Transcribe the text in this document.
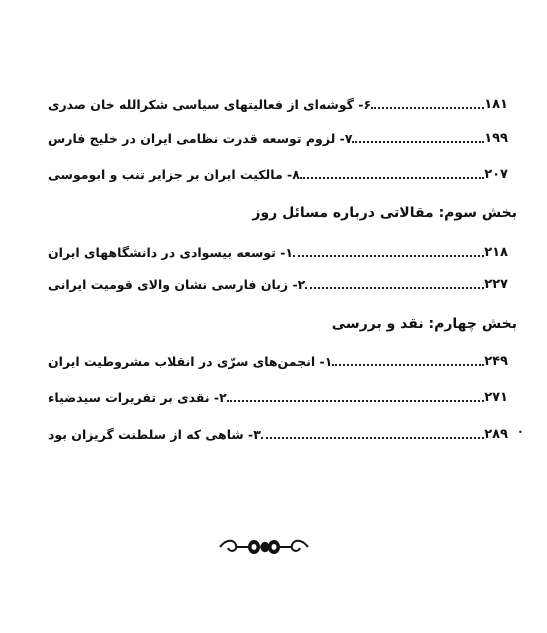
۶- گوشه‌ای از فعالیتهای سیاسی شکرالله خان صدری	۱۸۱
۷- لزوم توسعه قدرت نظامی ایران در خلیج فارس	۱۹۹
۸- مالکیت ایران بر جزایر تنب و ابوموسی	۲۰۷
بخش سوم: مقالاتی درباره مسائل روز
۱- توسعه بیسوادی در دانشگاههای ایران	۲۱۸
۲- زبان فارسی نشان والای قومیت ایرانی	۲۲۷
بخش چهارم: نقد و بررسی
۱- انجمن‌های سرّی در انقلاب مشروطیت ایران	۲۴۹
۲- نقدی بر تقریرات سیدضیاء	۲۷۱
۳- شاهی که از سلطنت گریزان بود	۲۸۹ •
